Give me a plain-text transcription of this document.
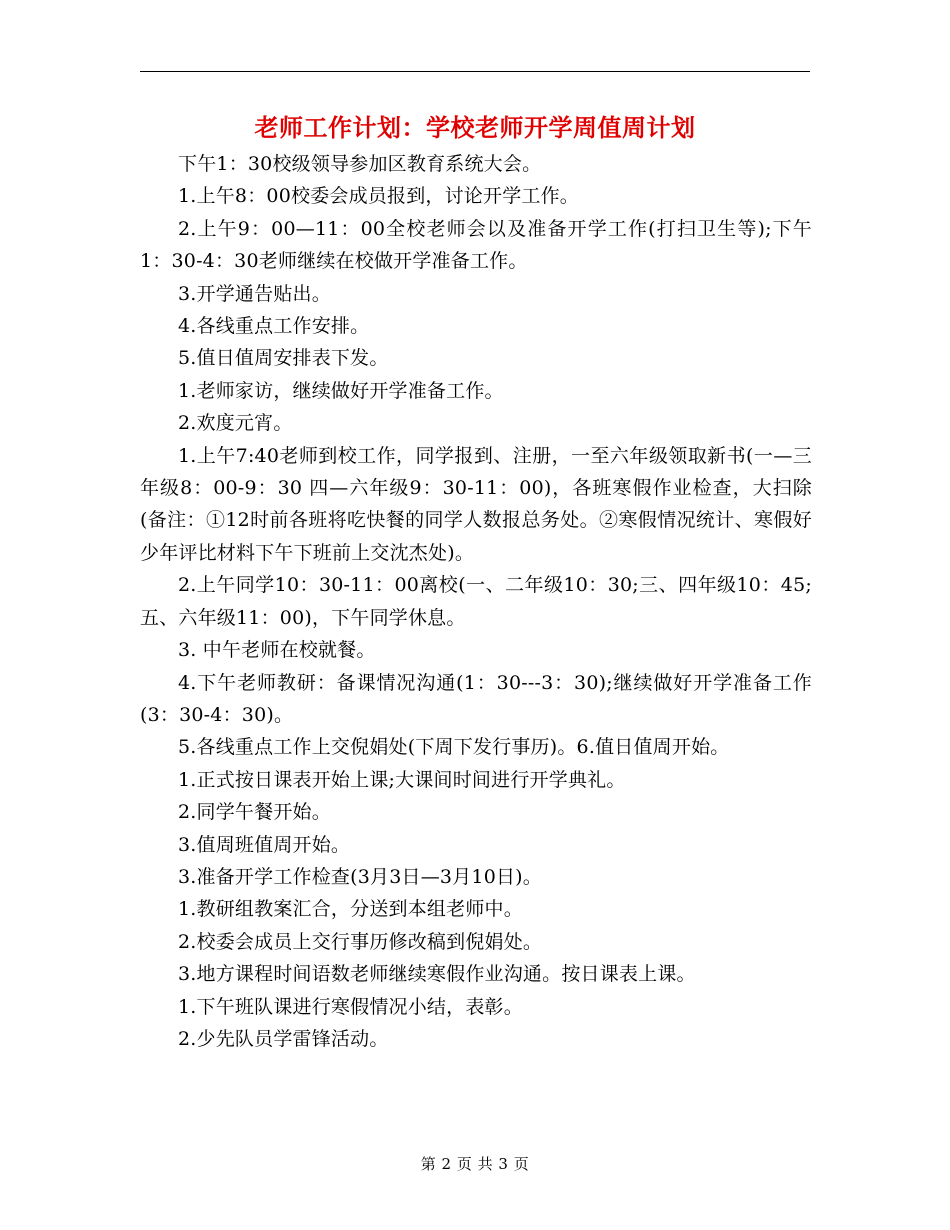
老师工作计划：学校老师开学周值周计划

下午1：30校级领导参加区教育系统大会。

1.上午8：00校委会成员报到，讨论开学工作。

2.上午9：00—11：00全校老师会以及准备开学工作(打扫卫生等);下午1：30-4：30老师继续在校做开学准备工作。

3.开学通告贴出。

4.各线重点工作安排。

5.值日值周安排表下发。

1.老师家访，继续做好开学准备工作。

2.欢度元宵。

1.上午7:40老师到校工作，同学报到、注册，一至六年级领取新书(一—三年级8：00-9：30 四—六年级9：30-11：00)，各班寒假作业检查，大扫除(备注：①12时前各班将吃快餐的同学人数报总务处。②寒假情况统计、寒假好少年评比材料下午下班前上交沈杰处)。

2.上午同学10：30-11：00离校(一、二年级10：30;三、四年级10：45;五、六年级11：00)，下午同学休息。

3. 中午老师在校就餐。

4.下午老师教研：备课情况沟通(1：30---3：30);继续做好开学准备工作(3：30-4：30)。

5.各线重点工作上交倪娟处(下周下发行事历)。6.值日值周开始。

1.正式按日课表开始上课;大课间时间进行开学典礼。

2.同学午餐开始。

3.值周班值周开始。

3.准备开学工作检查(3月3日—3月10日)。

1.教研组教案汇合，分送到本组老师中。

2.校委会成员上交行事历修改稿到倪娟处。

3.地方课程时间语数老师继续寒假作业沟通。按日课表上课。

1.下午班队课进行寒假情况小结，表彰。

2.少先队员学雷锋活动。

第 2 页 共 3 页
